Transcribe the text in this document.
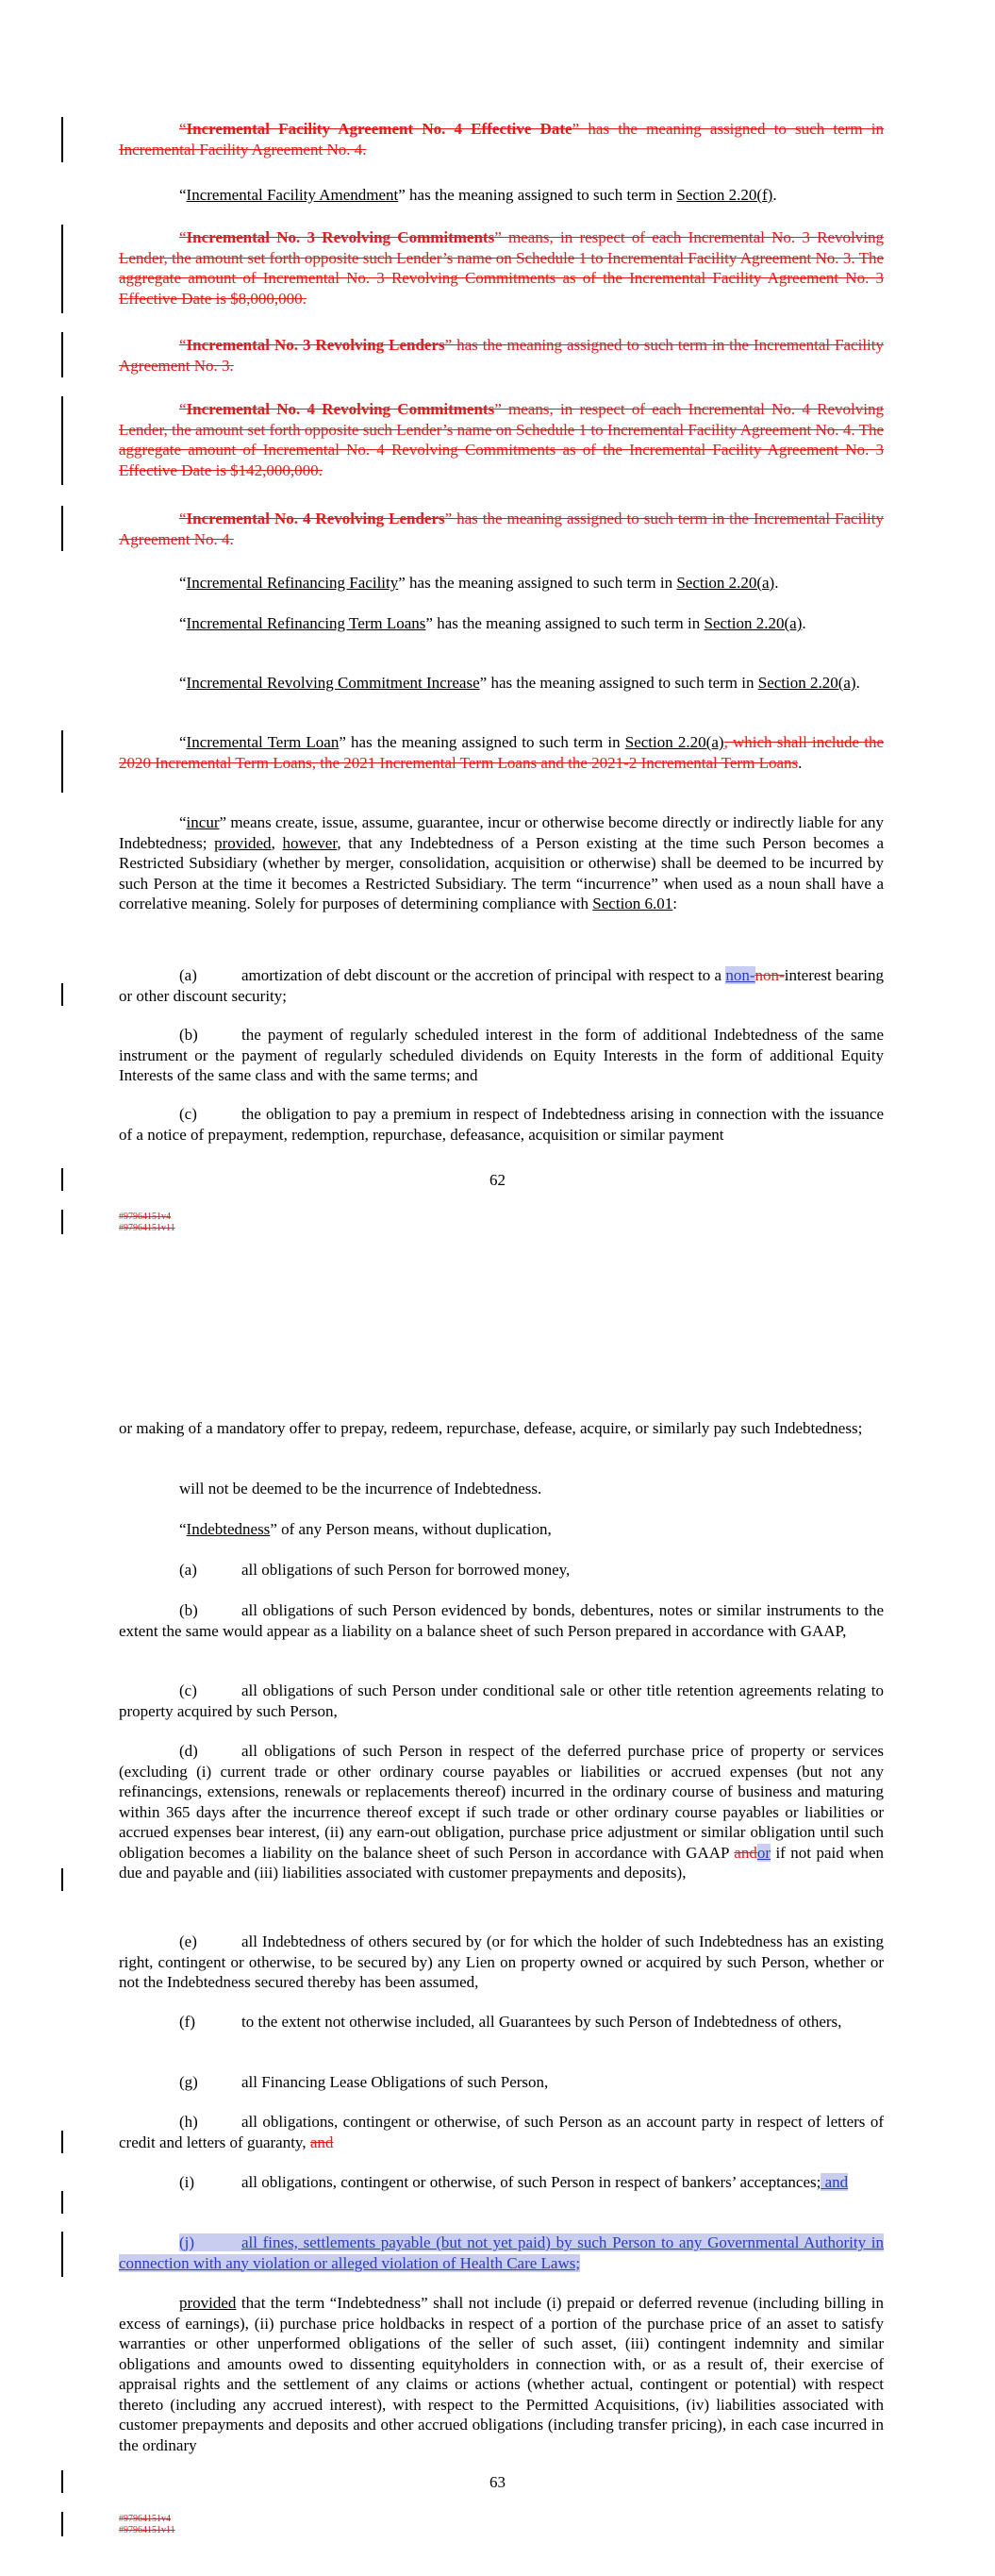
“Incremental Facility Agreement No. 4 Effective Date” has the meaning assigned to such term in Incremental Facility Agreement No. 4.
“Incremental Facility Amendment” has the meaning assigned to such term in Section 2.20(f).
“Incremental No. 3 Revolving Commitments” means, in respect of each Incremental No. 3 Revolving Lender, the amount set forth opposite such Lender’s name on Schedule 1 to Incremental Facility Agreement No. 3. The aggregate amount of Incremental No. 3 Revolving Commitments as of the Incremental Facility Agreement No. 3 Effective Date is $8,000,000.
“Incremental No. 3 Revolving Lenders” has the meaning assigned to such term in the Incremental Facility Agreement No. 3.
“Incremental No. 4 Revolving Commitments” means, in respect of each Incremental No. 4 Revolving Lender, the amount set forth opposite such Lender’s name on Schedule 1 to Incremental Facility Agreement No. 4. The aggregate amount of Incremental No. 4 Revolving Commitments as of the Incremental Facility Agreement No. 3 Effective Date is $142,000,000.
“Incremental No. 4 Revolving Lenders” has the meaning assigned to such term in the Incremental Facility Agreement No. 4.
“Incremental Refinancing Facility” has the meaning assigned to such term in Section 2.20(a).
“Incremental Refinancing Term Loans” has the meaning assigned to such term in Section 2.20(a).
“Incremental Revolving Commitment Increase” has the meaning assigned to such term in Section 2.20(a).
“Incremental Term Loan” has the meaning assigned to such term in Section 2.20(a), which shall include the 2020 Incremental Term Loans, the 2021 Incremental Term Loans and the 2021-2 Incremental Term Loans.
“incur” means create, issue, assume, guarantee, incur or otherwise become directly or indirectly liable for any Indebtedness; provided, however, that any Indebtedness of a Person existing at the time such Person becomes a Restricted Subsidiary (whether by merger, consolidation, acquisition or otherwise) shall be deemed to be incurred by such Person at the time it becomes a Restricted Subsidiary. The term “incurrence” when used as a noun shall have a correlative meaning. Solely for purposes of determining compliance with Section 6.01:
(a)	amortization of debt discount or the accretion of principal with respect to a non-non-interest bearing or other discount security;
(b)	the payment of regularly scheduled interest in the form of additional Indebtedness of the same instrument or the payment of regularly scheduled dividends on Equity Interests in the form of additional Equity Interests of the same class and with the same terms; and
(c)	the obligation to pay a premium in respect of Indebtedness arising in connection with the issuance of a notice of prepayment, redemption, repurchase, defeasance, acquisition or similar payment
62
#97964151v4
#97964151v11
or making of a mandatory offer to prepay, redeem, repurchase, defease, acquire, or similarly pay such Indebtedness;
will not be deemed to be the incurrence of Indebtedness.
“Indebtedness” of any Person means, without duplication,
(a)	all obligations of such Person for borrowed money,
(b)	all obligations of such Person evidenced by bonds, debentures, notes or similar instruments to the extent the same would appear as a liability on a balance sheet of such Person prepared in accordance with GAAP,
(c)	all obligations of such Person under conditional sale or other title retention agreements relating to property acquired by such Person,
(d)	all obligations of such Person in respect of the deferred purchase price of property or services (excluding (i) current trade or other ordinary course payables or liabilities or accrued expenses (but not any refinancings, extensions, renewals or replacements thereof) incurred in the ordinary course of business and maturing within 365 days after the incurrence thereof except if such trade or other ordinary course payables or liabilities or accrued expenses bear interest, (ii) any earn-out obligation, purchase price adjustment or similar obligation until such obligation becomes a liability on the balance sheet of such Person in accordance with GAAP andor if not paid when due and payable and (iii) liabilities associated with customer prepayments and deposits),
(e)	all Indebtedness of others secured by (or for which the holder of such Indebtedness has an existing right, contingent or otherwise, to be secured by) any Lien on property owned or acquired by such Person, whether or not the Indebtedness secured thereby has been assumed,
(f)	to the extent not otherwise included, all Guarantees by such Person of Indebtedness of others,
(g)	all Financing Lease Obligations of such Person,
(h)	all obligations, contingent or otherwise, of such Person as an account party in respect of letters of credit and letters of guaranty, and
(i)	all obligations, contingent or otherwise, of such Person in respect of bankers’ acceptances; and
(j)	all fines, settlements payable (but not yet paid) by such Person to any Governmental Authority in connection with any violation or alleged violation of Health Care Laws;
provided that the term “Indebtedness” shall not include (i) prepaid or deferred revenue (including billing in excess of earnings), (ii) purchase price holdbacks in respect of a portion of the purchase price of an asset to satisfy warranties or other unperformed obligations of the seller of such asset, (iii) contingent indemnity and similar obligations and amounts owed to dissenting equityholders in connection with, or as a result of, their exercise of appraisal rights and the settlement of any claims or actions (whether actual, contingent or potential) with respect thereto (including any accrued interest), with respect to the Permitted Acquisitions, (iv) liabilities associated with customer prepayments and deposits and other accrued obligations (including transfer pricing), in each case incurred in the ordinary
63
#97964151v4
#97964151v11
